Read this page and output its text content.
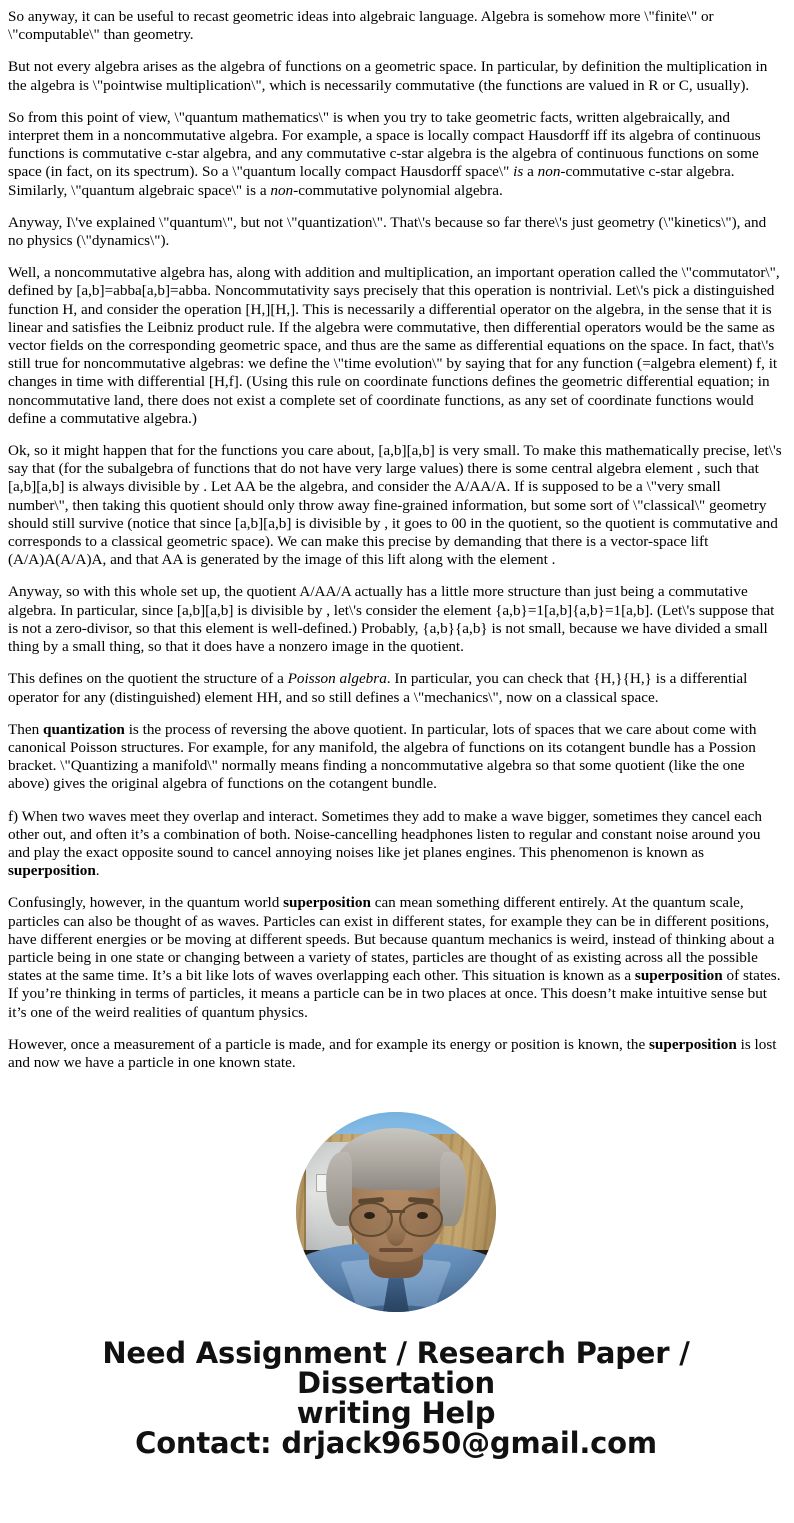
So anyway, it can be useful to recast geometric ideas into algebraic language. Algebra is somehow more \"finite\" or \"computable\" than geometry.

But not every algebra arises as the algebra of functions on a geometric space. In particular, by definition the multiplication in the algebra is \"pointwise multiplication\", which is necessarily commutative (the functions are valued in R or C, usually).

So from this point of view, \"quantum mathematics\" is when you try to take geometric facts, written algebraically, and interpret them in a noncommutative algebra. For example, a space is locally compact Hausdorff iff its algebra of continuous functions is commutative c-star algebra, and any commutative c-star algebra is the algebra of continuous functions on some space (in fact, on its spectrum). So a \"quantum locally compact Hausdorff space\" is a non-commutative c-star algebra. Similarly, \"quantum algebraic space\" is a non-commutative polynomial algebra.

Anyway, I\'ve explained \"quantum\", but not \"quantization\". That\'s because so far there\'s just geometry (\"kinetics\"), and no physics (\"dynamics\").

Well, a noncommutative algebra has, along with addition and multiplication, an important operation called the \"commutator\", defined by [a,b]=abba[a,b]=abba. Noncommutativity says precisely that this operation is nontrivial. Let\'s pick a distinguished function H, and consider the operation [H,][H,]. This is necessarily a differential operator on the algebra, in the sense that it is linear and satisfies the Leibniz product rule. If the algebra were commutative, then differential operators would be the same as vector fields on the corresponding geometric space, and thus are the same as differential equations on the space. In fact, that\'s still true for noncommutative algebras: we define the \"time evolution\" by saying that for any function (=algebra element) f, it changes in time with differential [H,f]. (Using this rule on coordinate functions defines the geometric differential equation; in noncommutative land, there does not exist a complete set of coordinate functions, as any set of coordinate functions would define a commutative algebra.)

Ok, so it might happen that for the functions you care about, [a,b][a,b] is very small. To make this mathematically precise, let\'s say that (for the subalgebra of functions that do not have very large values) there is some central algebra element , such that [a,b][a,b] is always divisible by . Let AA be the algebra, and consider the A/AA/A. If is supposed to be a \"very small number\", then taking this quotient should only throw away fine-grained information, but some sort of \"classical\" geometry should still survive (notice that since [a,b][a,b] is divisible by , it goes to 00 in the quotient, so the quotient is commutative and corresponds to a classical geometric space). We can make this precise by demanding that there is a vector-space lift (A/A)A(A/A)A, and that AA is generated by the image of this lift along with the element .

Anyway, so with this whole set up, the quotient A/AA/A actually has a little more structure than just being a commutative algebra. In particular, since [a,b][a,b] is divisible by , let\'s consider the element {a,b}=1[a,b]{a,b}=1[a,b]. (Let\'s suppose that is not a zero-divisor, so that this element is well-defined.) Probably, {a,b}{a,b} is not small, because we have divided a small thing by a small thing, so that it does have a nonzero image in the quotient.

This defines on the quotient the structure of a Poisson algebra. In particular, you can check that {H,}{H,} is a differential operator for any (distinguished) element HH, and so still defines a \"mechanics\", now on a classical space.

Then quantization is the process of reversing the above quotient. In particular, lots of spaces that we care about come with canonical Poisson structures. For example, for any manifold, the algebra of functions on its cotangent bundle has a Possion bracket. \"Quantizing a manifold\" normally means finding a noncommutative algebra so that some quotient (like the one above) gives the original algebra of functions on the cotangent bundle.

f) When two waves meet they overlap and interact. Sometimes they add to make a wave bigger, sometimes they cancel each other out, and often it’s a combination of both. Noise-cancelling headphones listen to regular and constant noise around you and play the exact opposite sound to cancel annoying noises like jet planes engines. This phenomenon is known as superposition.

Confusingly, however, in the quantum world superposition can mean something different entirely. At the quantum scale, particles can also be thought of as waves. Particles can exist in different states, for example they can be in different positions, have different energies or be moving at different speeds. But because quantum mechanics is weird, instead of thinking about a particle being in one state or changing between a variety of states, particles are thought of as existing across all the possible states at the same time. It’s a bit like lots of waves overlapping each other. This situation is known as a superposition of states. If you’re thinking in terms of particles, it means a particle can be in two places at once. This doesn’t make intuitive sense but it’s one of the weird realities of quantum physics.

However, once a measurement of a particle is made, and for example its energy or position is known, the superposition is lost and now we have a particle in one known state.

Need Assignment / Research Paper / Dissertation
writing Help
Contact: drjack9650@gmail.com
